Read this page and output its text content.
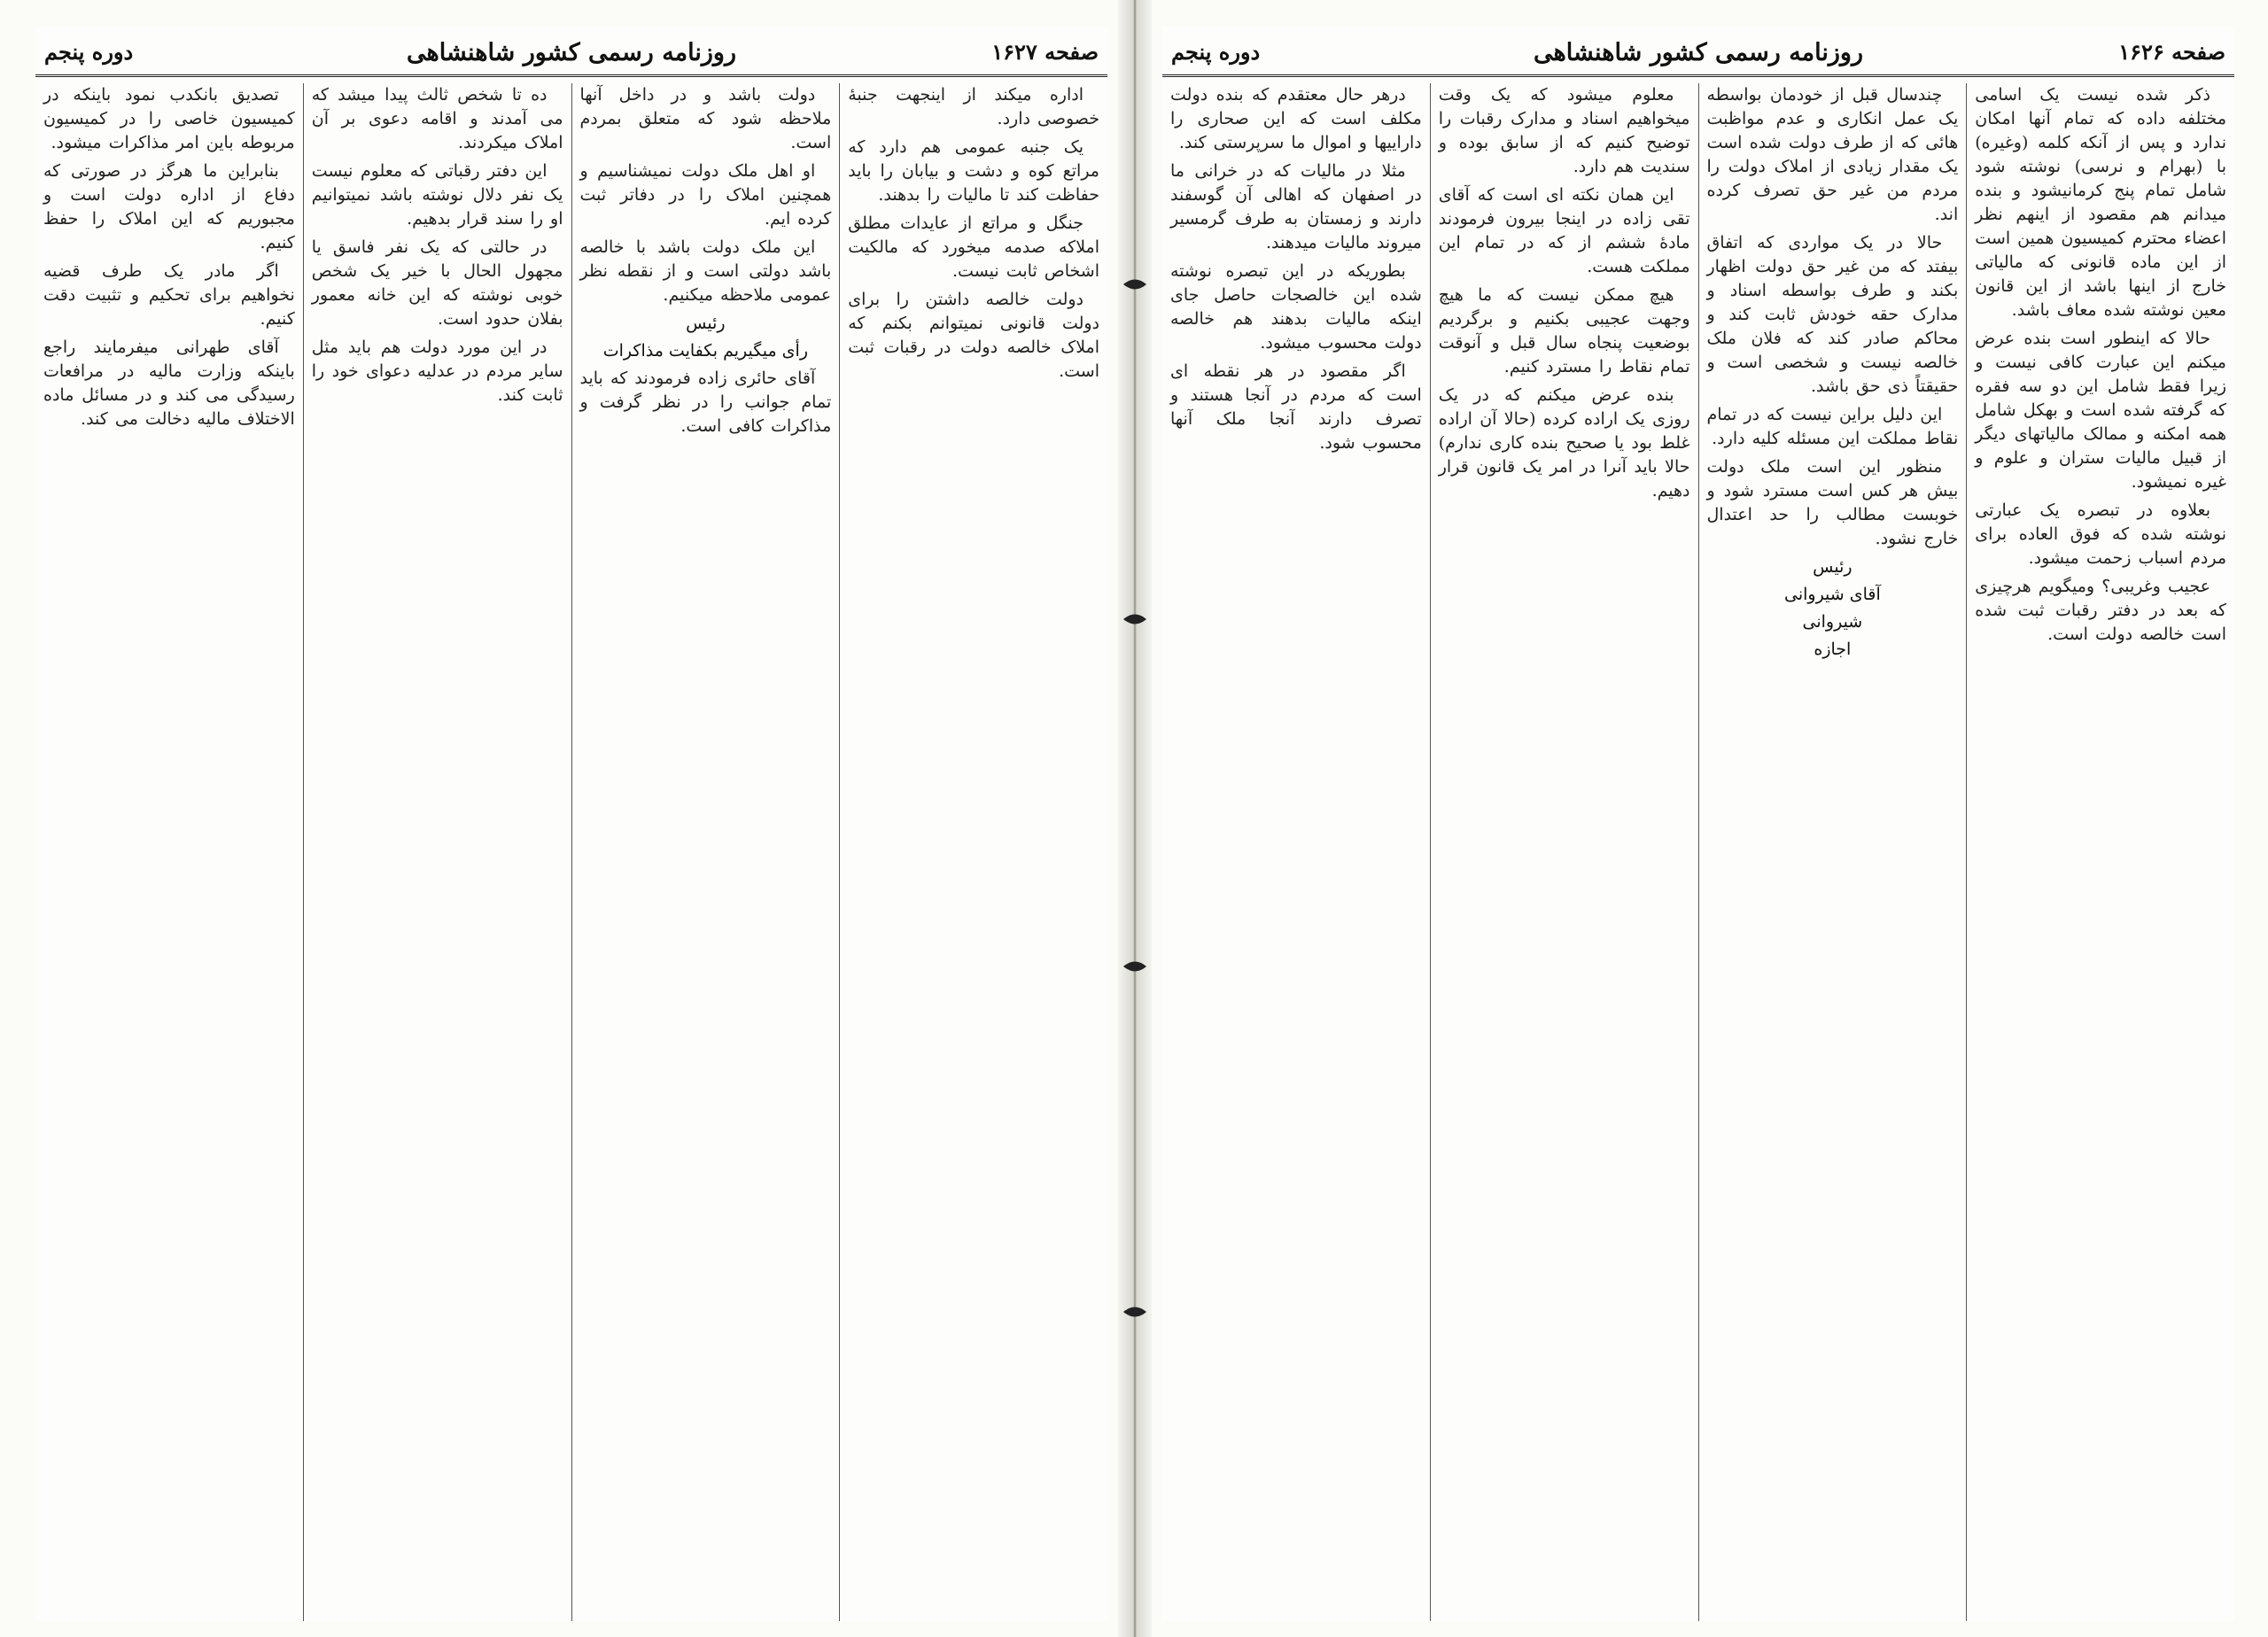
صفحه ۱۶۲۶
روزنامه رسمی کشور شاهنشاهی
دوره پنجم

ذکر شده نیست یک اسامی مختلفه داده که تمام آنها امکان ندارد و پس از آنکه کلمه (وغیره) با (بهرام و نرسی) نوشته شود شامل تمام پنج کرمانیشود و بنده میدانم هم مقصود از اینهم نظر اعضاء محترم کمیسیون همین است از این ماده قانونی که مالیاتی خارج از اینها باشد از این قانون معین نوشته شده معاف باشد.

حالا که اینطور است بنده عرض میکنم این عبارت کافی نیست و زیرا فقط شامل این دو سه فقره که گرفته شده است و بهکل شامل همه امکنه و ممالک مالیاتهای دیگر از قبیل مالیات ستران و علوم و غیره نمیشود.

بعلاوه در تبصره یک عبارتی نوشته شده که فوق العاده برای مردم اسباب زحمت میشود.

عجیب وغریبی؟ ومیگویم هرچیزی که بعد در دفتر رقبات ثبت شده است خالصه دولت است.

چندسال قبل از خودمان بواسطه یک عمل انکاری و عدم مواظبت هائی که از طرف دولت شده است یک مقدار زیادی از املاک دولت را مردم من غیر حق تصرف کرده اند.

حالا در یک مواردی که اتفاق بیفتد که من غیر حق دولت اظهار بکند و طرف بواسطه اسناد و مدارک حقه خودش ثابت کند و محاکم صادر کند که فلان ملک خالصه نیست و شخصی است و حقیقتاً ذی حق باشد.

این دلیل براین نیست که در تمام نقاط مملکت این مسئله کلیه دارد.

منظور این است ملک دولت بیش هر کس است مسترد شود و خوبست مطالب را حد اعتدال خارج نشود.

رئیس

آقای شیروانی

شیروانی

اجازه

معلوم میشود که یک وقت میخواهیم اسناد و مدارک رقبات را توضیح کنیم که از سابق بوده و سندیت هم دارد.

این همان نکته ای است که آقای تقی زاده در اینجا بیرون فرمودند مادهٔ ششم از که در تمام این مملکت هست.

هیچ ممکن نیست که ما هیچ وجهت عجیبی بکنیم و برگردیم بوضعیت پنجاه سال قبل و آنوقت تمام نقاط را مسترد کنیم.

بنده عرض میکنم که در یک روزی یک اراده کرده (حالا آن اراده غلط بود یا صحیح بنده کاری ندارم) حالا باید آنرا در امر یک قانون قرار دهیم.

درهر حال معتقدم که بنده دولت مکلف است که این صحاری را داراییها و اموال ما سرپرستی کند.

مثلا در مالیات که در خرانی ما در اصفهان که اهالی آن گوسفند دارند و زمستان به طرف گرمسیر میروند مالیات میدهند.

بطوریکه در این تبصره نوشته شده این خالصجات حاصل جای اینکه مالیات بدهند هم خالصه دولت محسوب میشود.

اگر مقصود در هر نقطه ای است که مردم در آنجا هستند و تصرف دارند آنجا ملک آنها محسوب شود.

دوره پنجم	روزنامه رسمی کشور شاهنشاهی	صفحه ۱۶۲۷

اداره میکند از اینجهت جنبهٔ خصوصی دارد.

یک جنبه عمومی هم دارد که مراتع کوه و دشت و بیابان را باید حفاظت کند تا مالیات را بدهند.

جنگل و مراتع از عایدات مطلق املاکه صدمه میخورد که مالکیت اشخاص ثابت نیست.

دولت خالصه داشتن را برای دولت قانونی نمیتوانم بکنم که املاک خالصه دولت در رقبات ثبت است.

دولت باشد و در داخل آنها ملاحظه شود که متعلق بمردم است.

او اهل ملک دولت نمیشناسیم و همچنین املاک را در دفاتر ثبت کرده ایم.

این ملک دولت باشد با خالصه باشد دولتی است و از نقطه نظر عمومی ملاحظه میکنیم.

رئیس

رأی میگیریم بکفایت مذاکرات

آقای حائری زاده فرمودند که باید تمام جوانب را در نظر گرفت و مذاکرات کافی است.

ده تا شخص ثالث پیدا میشد که می آمدند و اقامه دعوی بر آن املاک میکردند.

این دفتر رقباتی که معلوم نیست یک نفر دلال نوشته باشد نمیتوانیم او را سند قرار بدهیم.

در حالتی که یک نفر فاسق یا مجهول الحال با خیر یک شخص خوبی نوشته که این خانه معمور بفلان حدود است.

در این مورد دولت هم باید مثل سایر مردم در عدلیه دعوای خود را ثابت کند.

تصدیق بانکدب نمود باینکه در کمیسیون خاصی را در کمیسیون مربوطه باین امر مذاکرات میشود.

بنابراین ما هرگز در صورتی که دفاع از اداره دولت است و مجبوریم که این املاک را حفظ کنیم.

اگر مادر یک طرف قضیه نخواهیم برای تحکیم و تثبیت دقت کنیم.

آقای طهرانی میفرمایند راجع باینکه وزارت مالیه در مرافعات رسیدگی می کند و در مسائل ماده الاختلاف مالیه دخالت می کند.
